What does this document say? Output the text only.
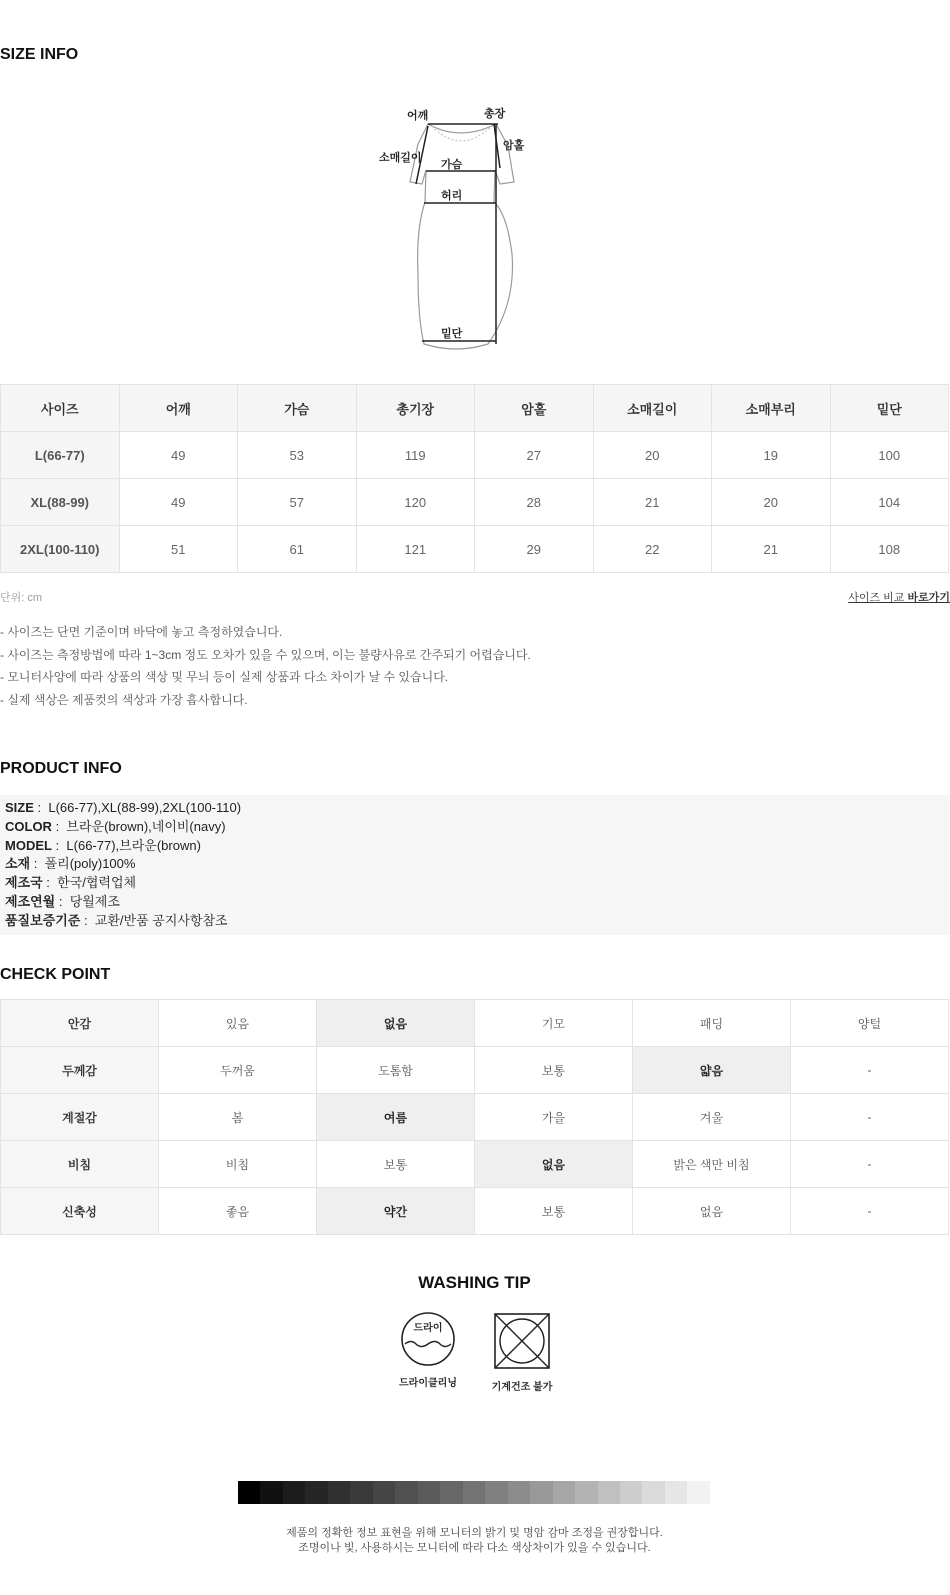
SIZE INFO
어깨	총장
암홀
소매길이
가슴
허리
밑단
사이즈	어깨	가슴	총기장	암홀	소매길이	소매부리	밑단
L(66-77)	49	53	119	27	20	19	100
XL(88-99)	49	57	120	28	21	20	104
2XL(100-110)	51	61	121	29	22	21	108
단위: cm	사이즈 비교 바로가기
- 사이즈는 단면 기준이며 바닥에 놓고 측정하였습니다.
- 사이즈는 측정방법에 따라 1~3cm 정도 오차가 있을 수 있으며, 이는 불량사유로 간주되기 어렵습니다.
- 모니터사양에 따라 상품의 색상 및 무늬 등이 실제 상품과 다소 차이가 날 수 있습니다.
- 실제 색상은 제품컷의 색상과 가장 흡사합니다.
PRODUCT INFO
SIZE :  L(66-77),XL(88-99),2XL(100-110)
COLOR :  브라운(brown),네이비(navy)
MODEL :  L(66-77),브라운(brown)
소재 :  폴리(poly)100%
제조국 :  한국/협력업체
제조연월 :  당월제조
품질보증기준 :  교환/반품 공지사항참조
CHECK POINT
안감	있음	없음	기모	패딩	양털
두께감	두꺼움	도톰함	보통	얇음	-
계절감	봄	여름	가을	겨울	-
비침	비침	보통	없음	밝은 색만 비침	-
신축성	좋음	약간	보통	없음	-
WASHING TIP
드라이
드라이클리닝	기계건조 불가
제품의 정확한 정보 표현을 위해 모니터의 밝기 및 명암 감마 조정을 권장합니다.
조명이나 빛, 사용하시는 모니터에 따라 다소 색상차이가 있을 수 있습니다.
